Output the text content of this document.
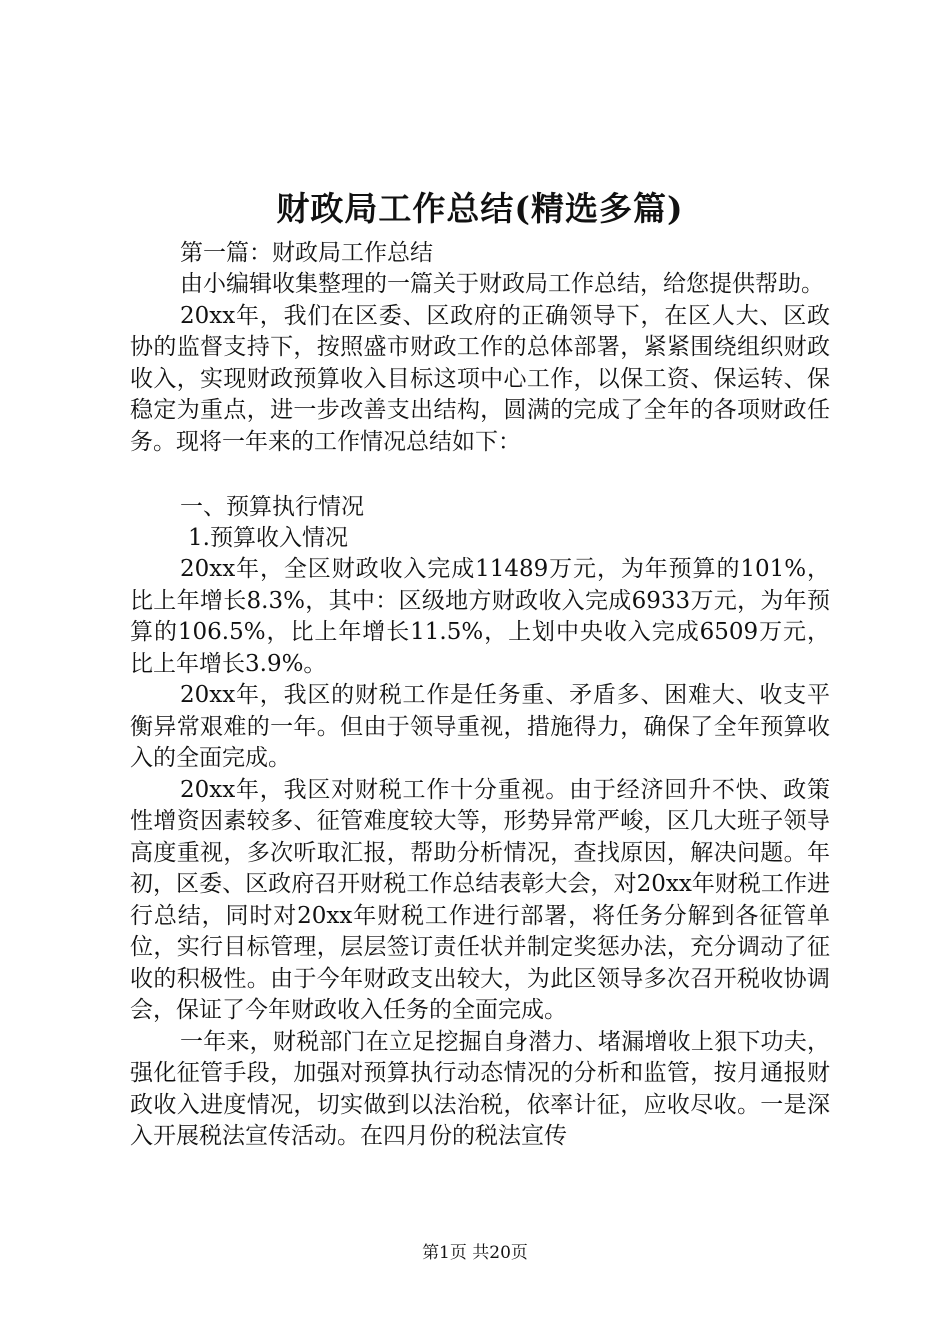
财政局工作总结(精选多篇)

第一篇：财政局工作总结

由小编辑收集整理的一篇关于财政局工作总结，给您提供帮助。

20xx年，我们在区委、区政府的正确领导下，在区人大、区政协的监督支持下，按照盛市财政工作的总体部署，紧紧围绕组织财政收入，实现财政预算收入目标这项中心工作，以保工资、保运转、保稳定为重点，进一步改善支出结构，圆满的完成了全年的各项财政任务。现将一年来的工作情况总结如下：

一、预算执行情况

1.预算收入情况

20xx年，全区财政收入完成11489万元，为年预算的101%，比上年增长8.3%，其中：区级地方财政收入完成6933万元，为年预算的106.5%，比上年增长11.5%，上划中央收入完成6509万元，比上年增长3.9%。

20xx年，我区的财税工作是任务重、矛盾多、困难大、收支平衡异常艰难的一年。但由于领导重视，措施得力，确保了全年预算收入的全面完成。

20xx年，我区对财税工作十分重视。由于经济回升不快、政策性增资因素较多、征管难度较大等，形势异常严峻，区几大班子领导高度重视，多次听取汇报，帮助分析情况，查找原因，解决问题。年初，区委、区政府召开财税工作总结表彰大会，对20xx年财税工作进行总结，同时对20xx年财税工作进行部署，将任务分解到各征管单位，实行目标管理，层层签订责任状并制定奖惩办法，充分调动了征收的积极性。由于今年财政支出较大，为此区领导多次召开税收协调会，保证了今年财政收入任务的全面完成。

一年来，财税部门在立足挖掘自身潜力、堵漏增收上狠下功夫，强化征管手段，加强对预算执行动态情况的分析和监管，按月通报财政收入进度情况，切实做到以法治税，依率计征，应收尽收。一是深入开展税法宣传活动。在四月份的税法宣传

第1页 共20页
